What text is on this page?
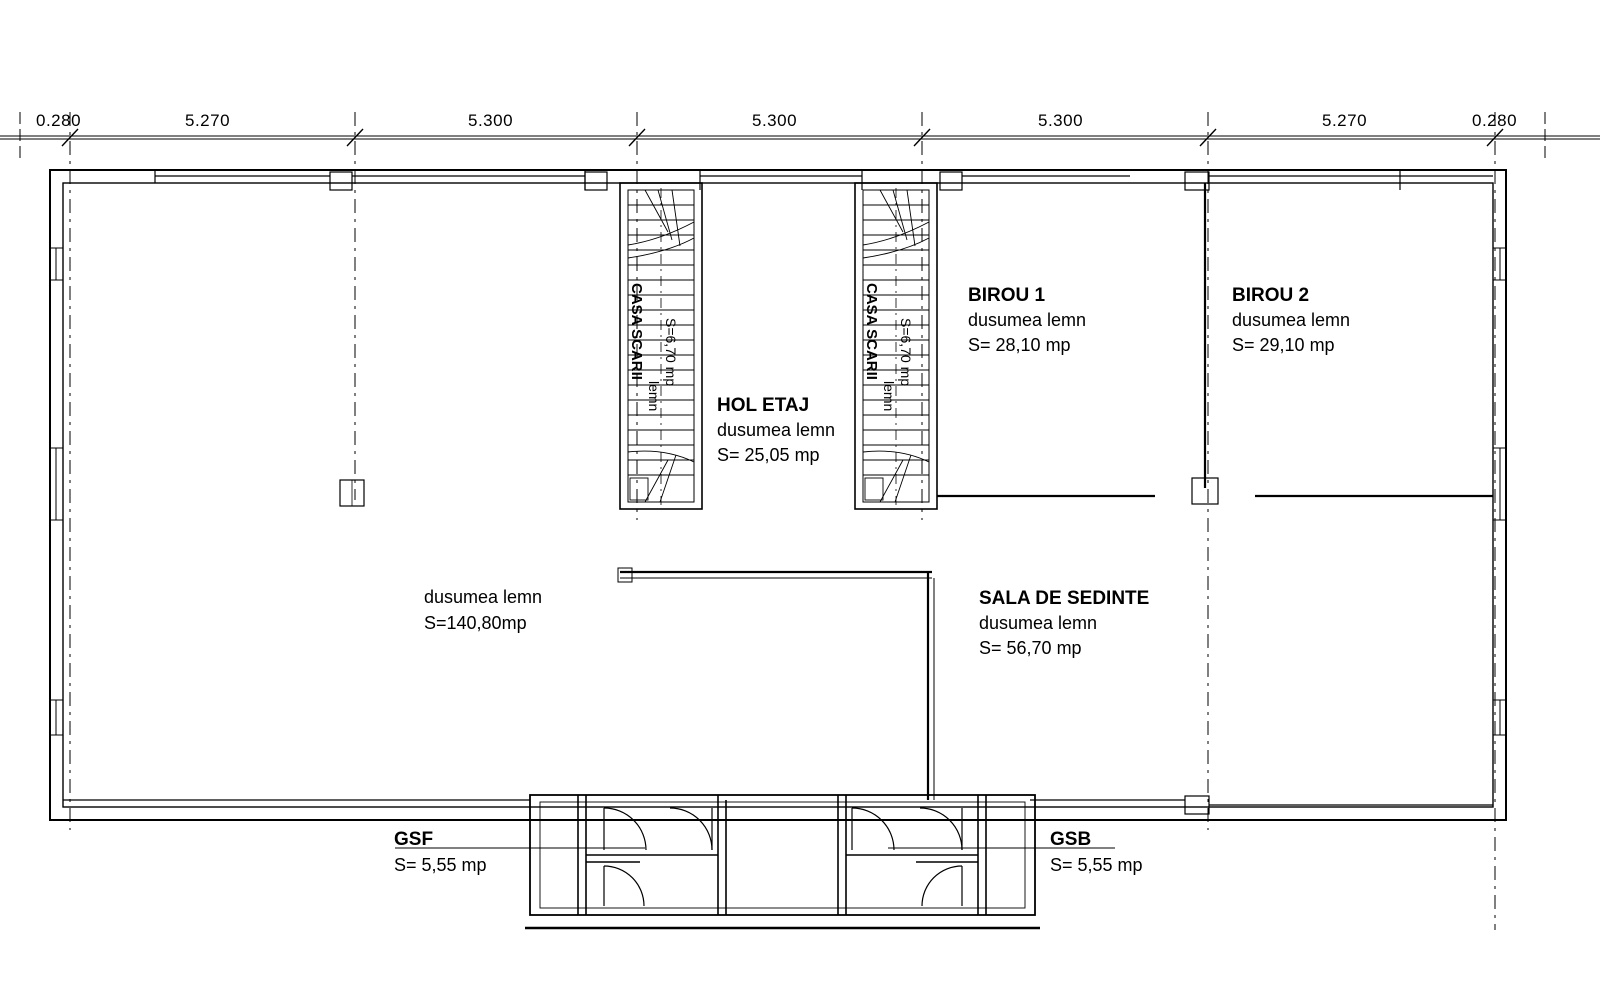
0.280	5.270	5.300	5.300	5.300	5.270	0.280
dusumea lemn
S=140,80mp
HOL ETAJ
dusumea lemn
S= 25,05 mp
BIROU 1
dusumea lemn
S= 28,10 mp
BIROU 2
dusumea lemn
S= 29,10 mp
SALA DE SEDINTE
dusumea lemn
S= 56,70 mp
GSF
S= 5,55 mp
GSB
S= 5,55 mp
CASA SCARII
lemn
S=6,70 mp	CASA SCARII
lemn
S=6,70 mp
